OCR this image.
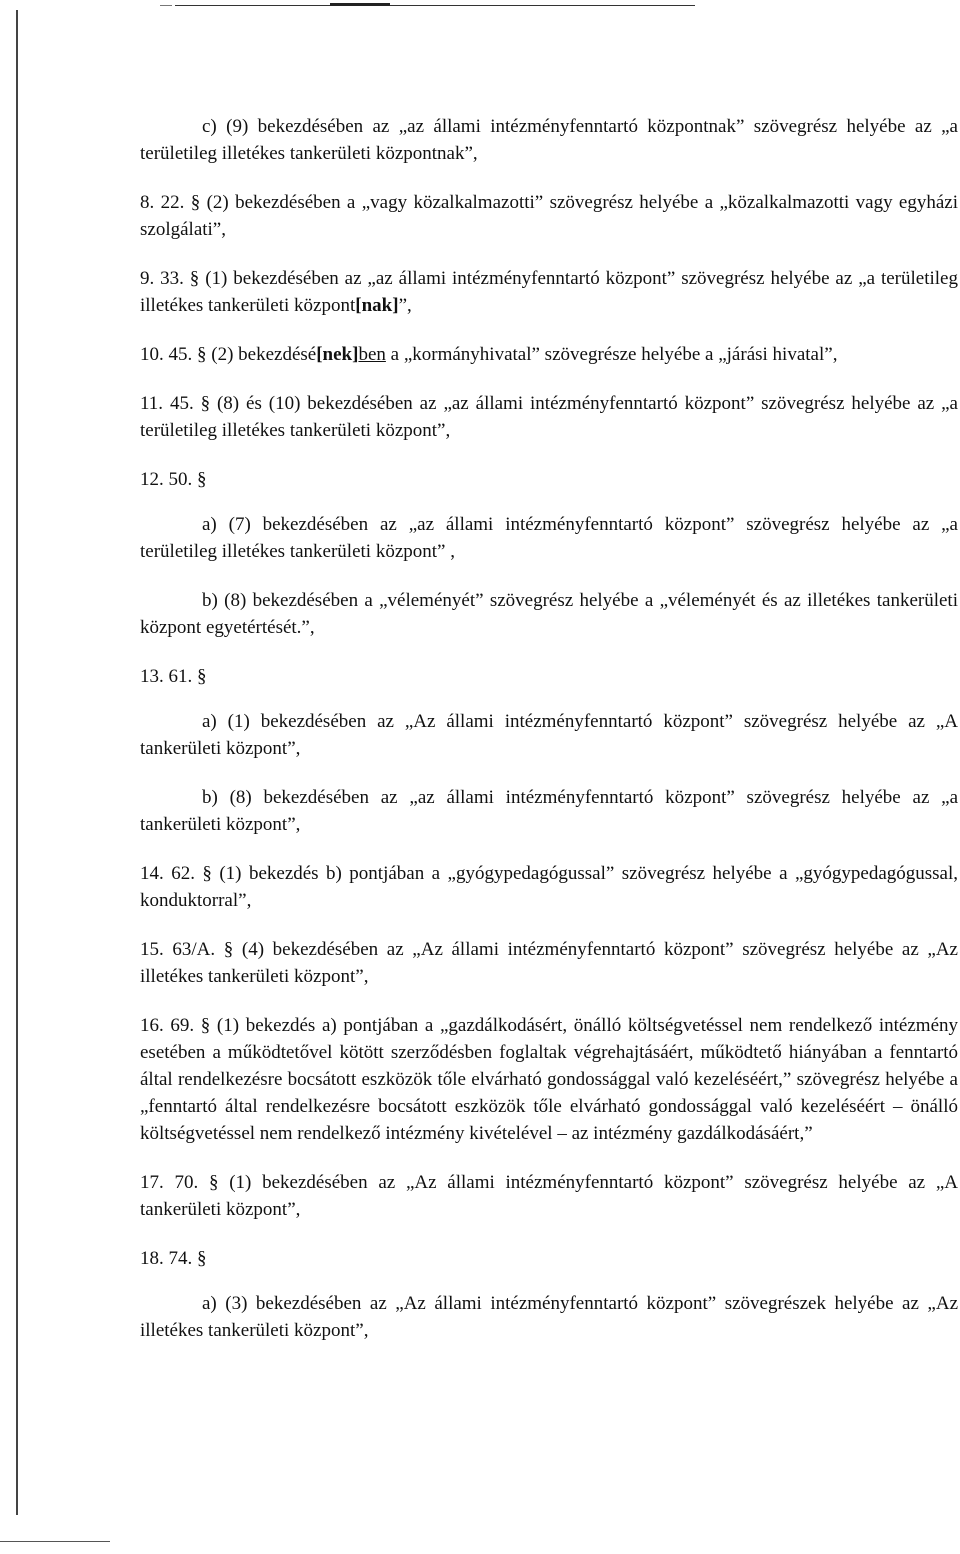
c) (9) bekezdésében az „az állami intézményfenntartó központnak” szövegrész helyébe az „a területileg illetékes tankerületi központnak”,

8. 22. § (2) bekezdésében a „vagy közalkalmazotti” szövegrész helyébe a „közalkalmazotti vagy egyházi szolgálati”,

9. 33. § (1) bekezdésében az „az állami intézményfenntartó központ” szövegrész helyébe az „a területileg illetékes tankerületi központ[nak]”,

10. 45. § (2) bekezdésé[nek]ben a „kormányhivatal” szövegrésze helyébe a „járási hivatal”,

11. 45. § (8) és (10) bekezdésében az „az állami intézményfenntartó központ” szövegrész helyébe az „a területileg illetékes tankerületi központ”,

12. 50. §

a) (7) bekezdésében az „az állami intézményfenntartó központ” szövegrész helyébe az „a területileg illetékes tankerületi központ” ,

b) (8) bekezdésében a „véleményét” szövegrész helyébe a „véleményét és az illetékes tankerületi központ egyetértését.”,

13. 61. §

a) (1) bekezdésében az „Az állami intézményfenntartó központ” szövegrész helyébe az „A tankerületi központ”,

b) (8) bekezdésében az „az állami intézményfenntartó központ” szövegrész helyébe az „a tankerületi központ”,

14. 62. § (1) bekezdés b) pontjában a „gyógypedagógussal” szövegrész helyébe a „gyógypedagógussal, konduktorral”,

15. 63/A. § (4) bekezdésében az „Az állami intézményfenntartó központ” szövegrész helyébe az „Az illetékes tankerületi központ”,

16. 69. § (1) bekezdés a) pontjában a „gazdálkodásért, önálló költségvetéssel nem rendelkező intézmény esetében a működtetővel kötött szerződésben foglaltak végrehajtásáért, működtető hiányában a fenntartó által rendelkezésre bocsátott eszközök tőle elvárható gondossággal való kezeléséért,” szövegrész helyébe a „fenntartó által rendelkezésre bocsátott eszközök tőle elvárható gondossággal való kezeléséért – önálló költségvetéssel nem rendelkező intézmény kivételével – az intézmény gazdálkodásáért,”

17. 70. § (1) bekezdésében az „Az állami intézményfenntartó központ” szövegrész helyébe az „A tankerületi központ”,

18. 74. §

a) (3) bekezdésében az „Az állami intézményfenntartó központ” szövegrészek helyébe az „Az illetékes tankerületi központ”,
